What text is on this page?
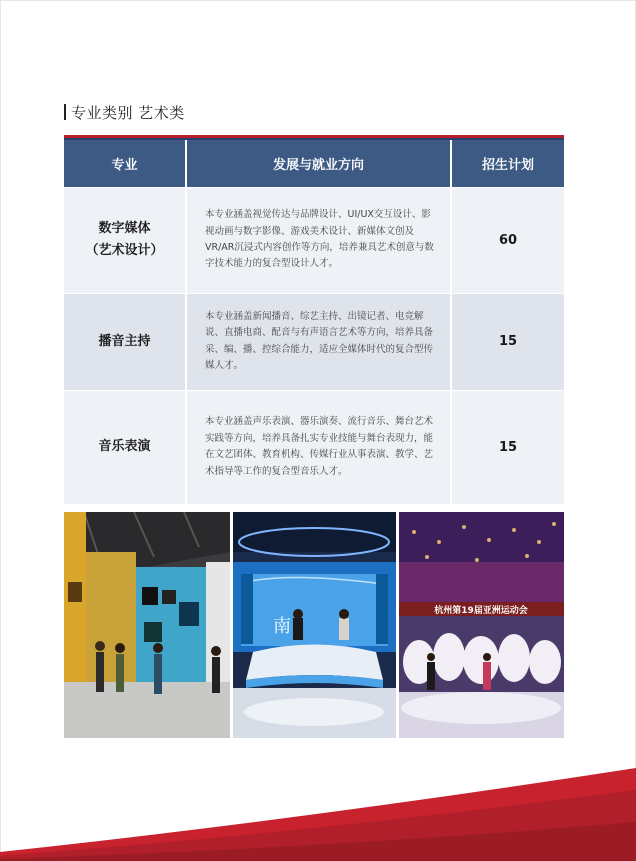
专业类别 艺术类
专业	发展与就业方向	招生计划

数字媒体
（艺术设计）	本专业涵盖视觉传达与品牌设计、UI/UX交互设计、影视动画与数字影像、游戏美术设计、新媒体文创及VR/AR沉浸式内容创作等方向，培养兼具艺术创意与数字技术能力的复合型设计人才。	60

播音主持	本专业涵盖新闻播音、综艺主持、出镜记者、电竞解说、直播电商、配音与有声语言艺术等方向，培养具备采、编、播、控综合能力，适应全媒体时代的复合型传媒人才。	15

音乐表演	本专业涵盖声乐表演、器乐演奏、流行音乐、舞台艺术实践等方向，培养具备扎实专业技能与舞台表现力，能在文艺团体、教育机构、传媒行业从事表演、教学、艺术指导等工作的复合型音乐人才。	15
南
杭州第19届亚洲运动会
